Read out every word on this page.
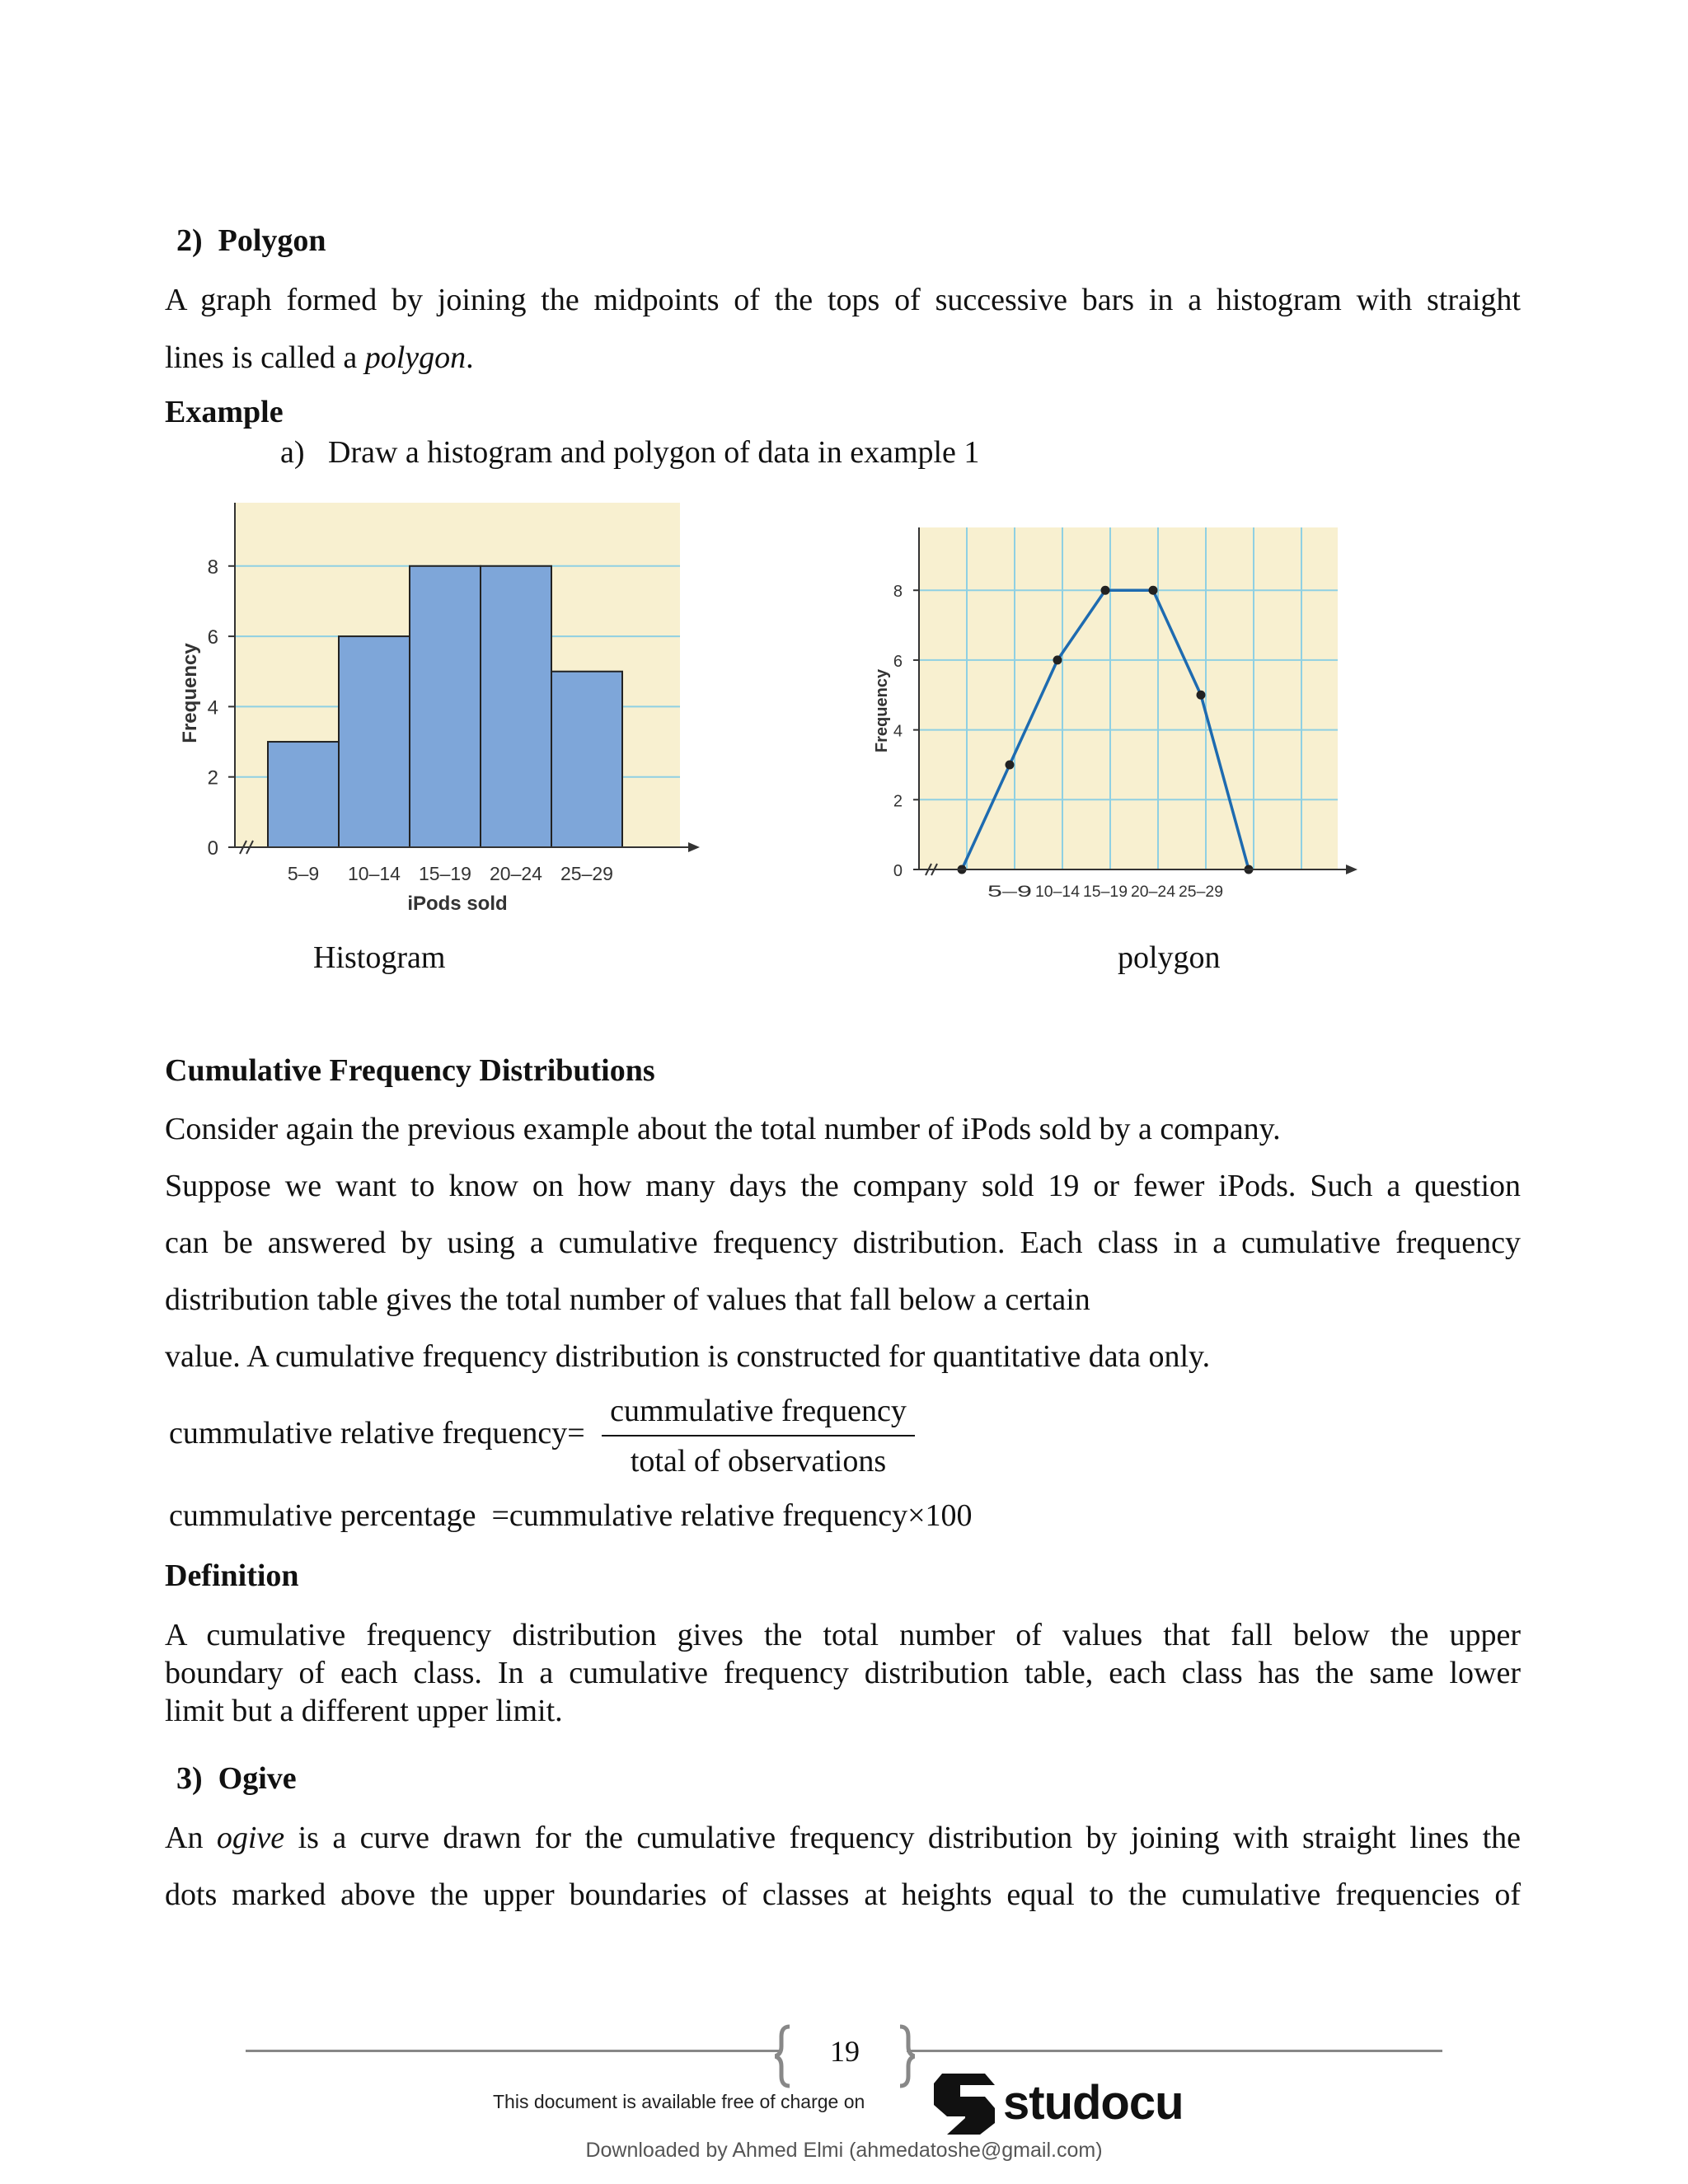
2) Polygon
A graph formed by joining the midpoints of the tops of successive bars in a histogram with straight
lines is called a polygon.
Example
a) Draw a histogram and polygon of data in example 1
0
2
4
6
8
5–9 10–14 15–19 20–24 25–29
iPods sold
Frequency
0
2
4
6
8
5–9 10–14 15–19 20–24 25–29
Frequency
Histogram	polygon
Cumulative Frequency Distributions
Consider again the previous example about the total number of iPods sold by a company.
Suppose we want to know on how many days the company sold 19 or fewer iPods. Such a question
can be answered by using a cumulative frequency distribution. Each class in a cumulative frequency
distribution table gives the total number of values that fall below a certain
value. A cumulative frequency distribution is constructed for quantitative data only.
cummulative relative frequency=
cummulative frequency
total of observations
cummulative percentage =cummulative relative frequency×100
Definition
A cumulative frequency distribution gives the total number of values that fall below the upper
boundary of each class. In a cumulative frequency distribution table, each class has the same lower
limit but a different upper limit.
3) Ogive
An ogive is a curve drawn for the cumulative frequency distribution by joining with straight lines the
dots marked above the upper boundaries of classes at heights equal to the cumulative frequencies of
19
This document is available free of charge on	studocu
Downloaded by Ahmed Elmi (ahmedatoshe@gmail.com)
